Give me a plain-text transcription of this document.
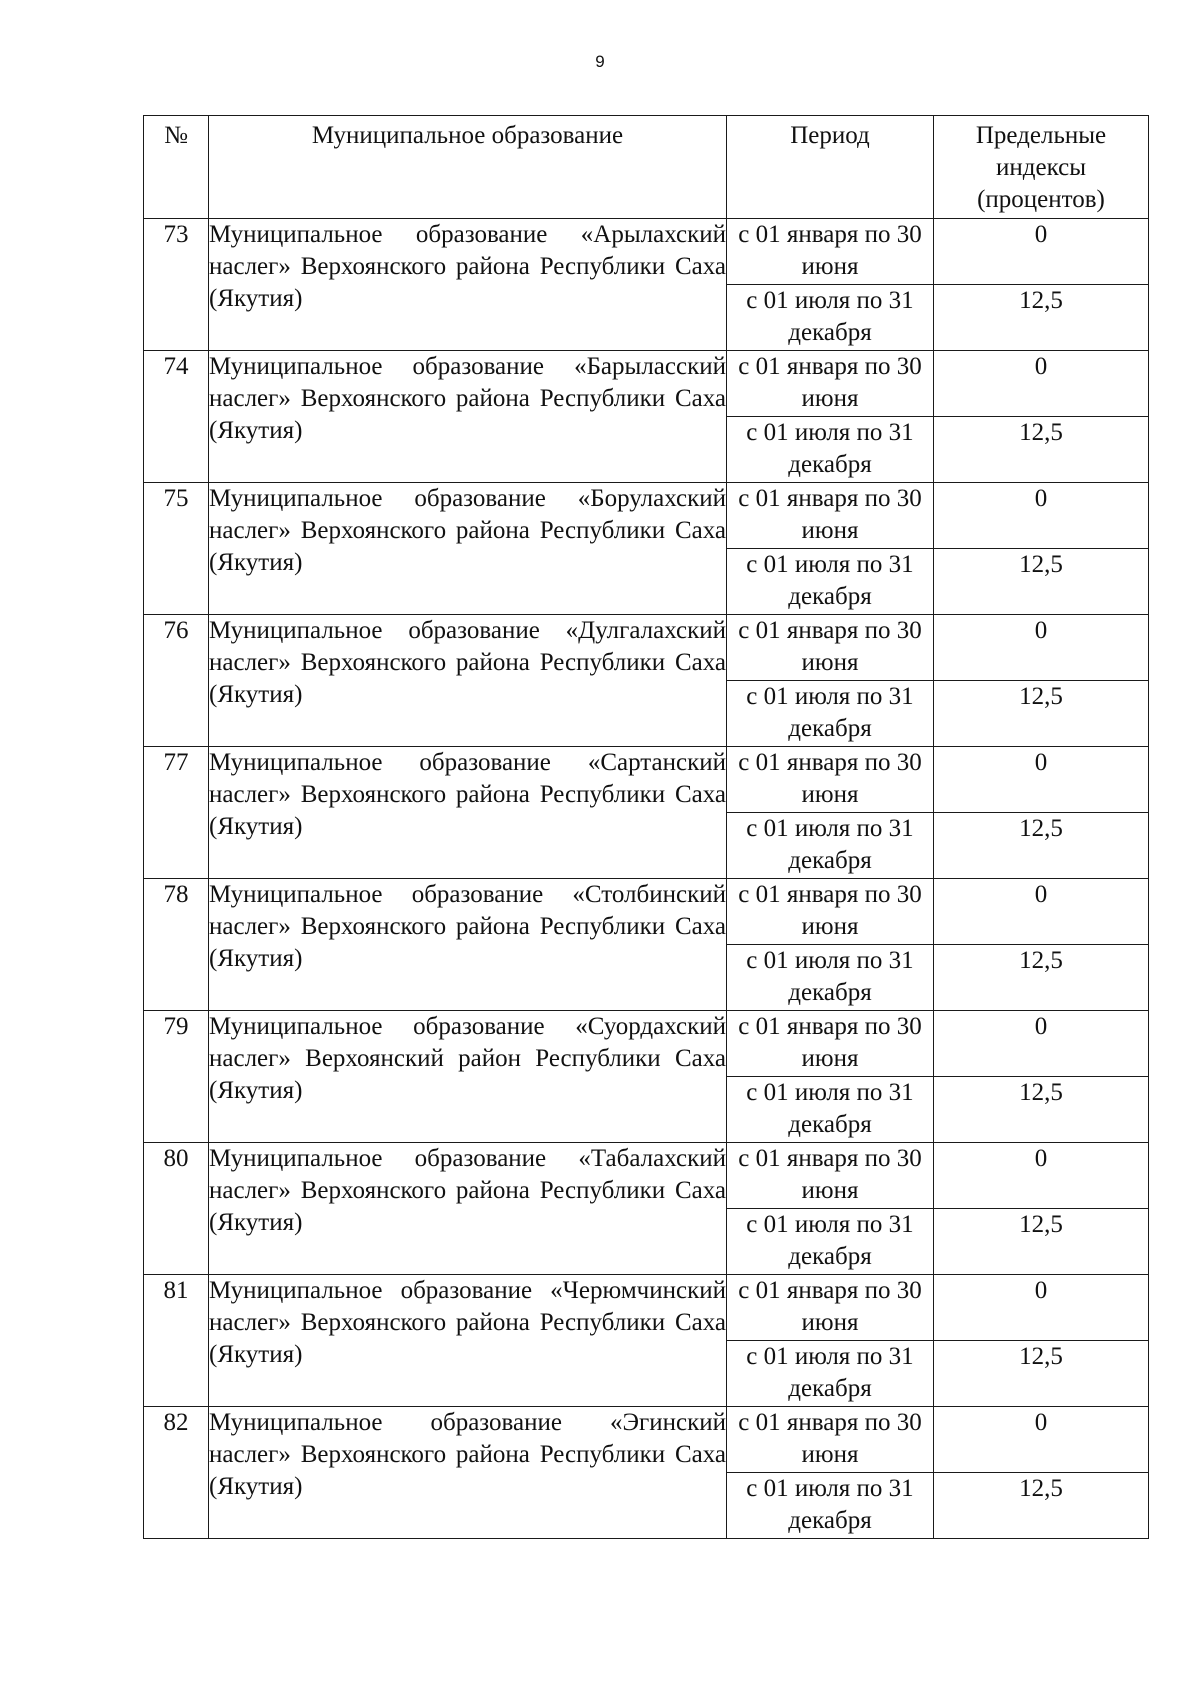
9
№	Муниципальное образование	Период	Предельные индексы (процентов)
73	Муниципальное образование «Арылахский наслег» Верхоянского района Республики Саха (Якутия)	с 01 января по 30 июня	0
		с 01 июля по 31 декабря	12,5
74	Муниципальное образование «Барыласский наслег» Верхоянского района Республики Саха (Якутия)	с 01 января по 30 июня	0
		с 01 июля по 31 декабря	12,5
75	Муниципальное образование «Борулахский наслег» Верхоянского района Республики Саха (Якутия)	с 01 января по 30 июня	0
		с 01 июля по 31 декабря	12,5
76	Муниципальное образование «Дулгалахский наслег» Верхоянского района Республики Саха (Якутия)	с 01 января по 30 июня	0
		с 01 июля по 31 декабря	12,5
77	Муниципальное образование «Сартанский наслег» Верхоянского района Республики Саха (Якутия)	с 01 января по 30 июня	0
		с 01 июля по 31 декабря	12,5
78	Муниципальное образование «Столбинский наслег» Верхоянского района Республики Саха (Якутия)	с 01 января по 30 июня	0
		с 01 июля по 31 декабря	12,5
79	Муниципальное образование «Суордахский наслег» Верхоянский район Республики Саха (Якутия)	с 01 января по 30 июня	0
		с 01 июля по 31 декабря	12,5
80	Муниципальное образование «Табалахский наслег» Верхоянского района Республики Саха (Якутия)	с 01 января по 30 июня	0
		с 01 июля по 31 декабря	12,5
81	Муниципальное образование «Черюмчинский наслег» Верхоянского района Республики Саха (Якутия)	с 01 января по 30 июня	0
		с 01 июля по 31 декабря	12,5
82	Муниципальное образование «Эгинский наслег» Верхоянского района Республики Саха (Якутия)	с 01 января по 30 июня	0
		с 01 июля по 31 декабря	12,5
